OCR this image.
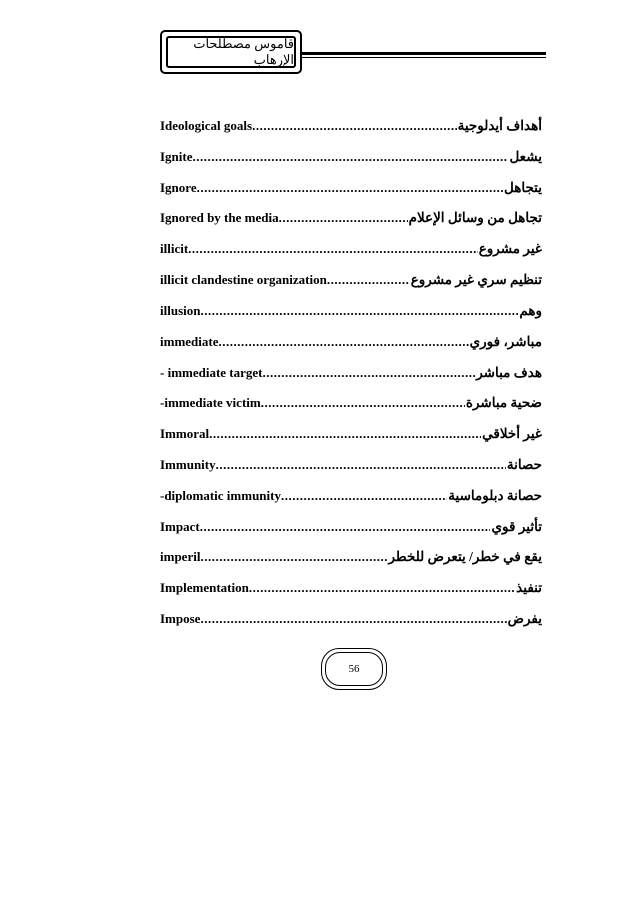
قاموس مصطلحات الإرهاب
Ideological goals .....	أهداف أيدلوجية
Ignite .....	يشعل
Ignore .....	يتجاهل
Ignored by the media .....	تجاهل من وسائل الإعلام
illicit .....	غير مشروع
illicit clandestine organization .....	تنظيم سري غير مشروع
illusion .....	وهم
immediate .....	مباشر، فوري
- immediate target .....	هدف مباشر
-immediate victim .....	ضحية مباشرة
Immoral .....	غير أخلاقي
Immunity .....	حصانة
-diplomatic immunity .....	حصانة دبلوماسية
Impact .....	تأثير قوي
imperil .....	يقع في خطر/ يتعرض للخطر
Implementation .....	تنفيذ
Impose .....	يفرض
56
